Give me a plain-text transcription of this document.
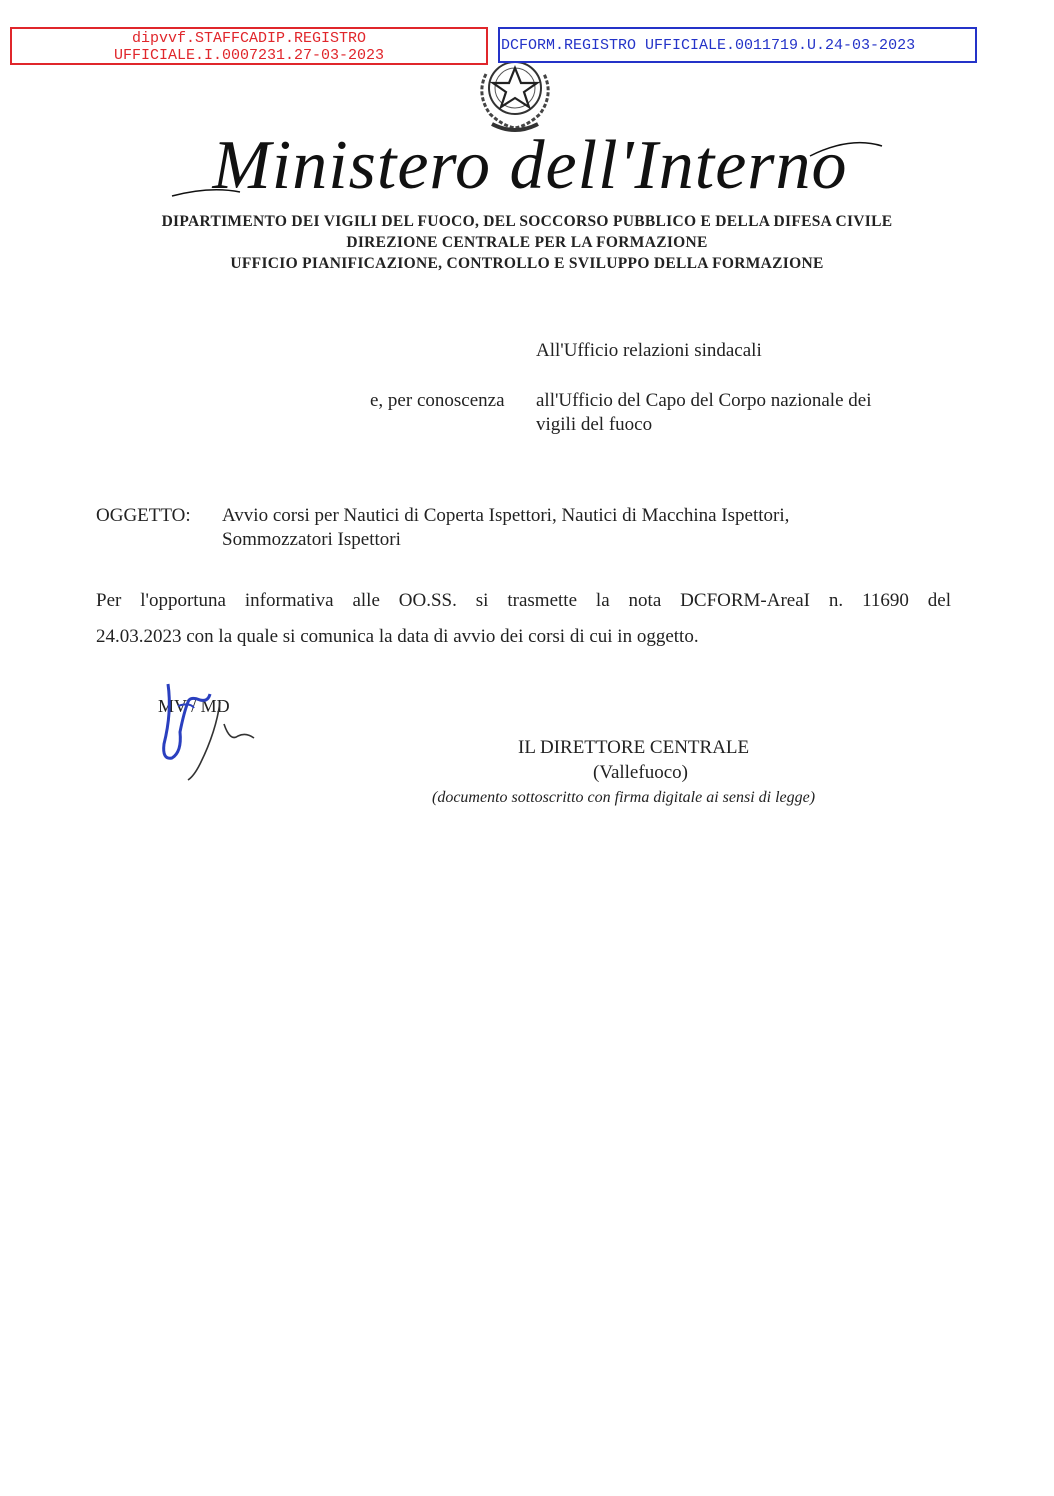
dipvvf.STAFFCADIP.REGISTRO
UFFICIALE.I.0007231.27-03-2023
DCFORM.REGISTRO UFFICIALE.0011719.U.24-03-2023
Ministero dell'Interno
DIPARTIMENTO DEI VIGILI DEL FUOCO, DEL SOCCORSO PUBBLICO E DELLA DIFESA CIVILE
DIREZIONE CENTRALE PER LA FORMAZIONE
UFFICIO PIANIFICAZIONE, CONTROLLO E SVILUPPO DELLA FORMAZIONE
All'Ufficio relazioni sindacali
e, per conoscenza all'Ufficio del Capo del Corpo nazionale dei
vigili del fuoco
OGGETTO: Avvio corsi per Nautici di Coperta Ispettori, Nautici di Macchina Ispettori,
Sommozzatori Ispettori
Per l'opportuna informativa alle OO.SS. si trasmette la nota DCFORM-AreaI n. 11690 del
24.03.2023 con la quale si comunica la data di avvio dei corsi di cui in oggetto.
MV / MD
IL DIRETTORE CENTRALE
(Vallefuoco)
(documento sottoscritto con firma digitale ai sensi di legge)
